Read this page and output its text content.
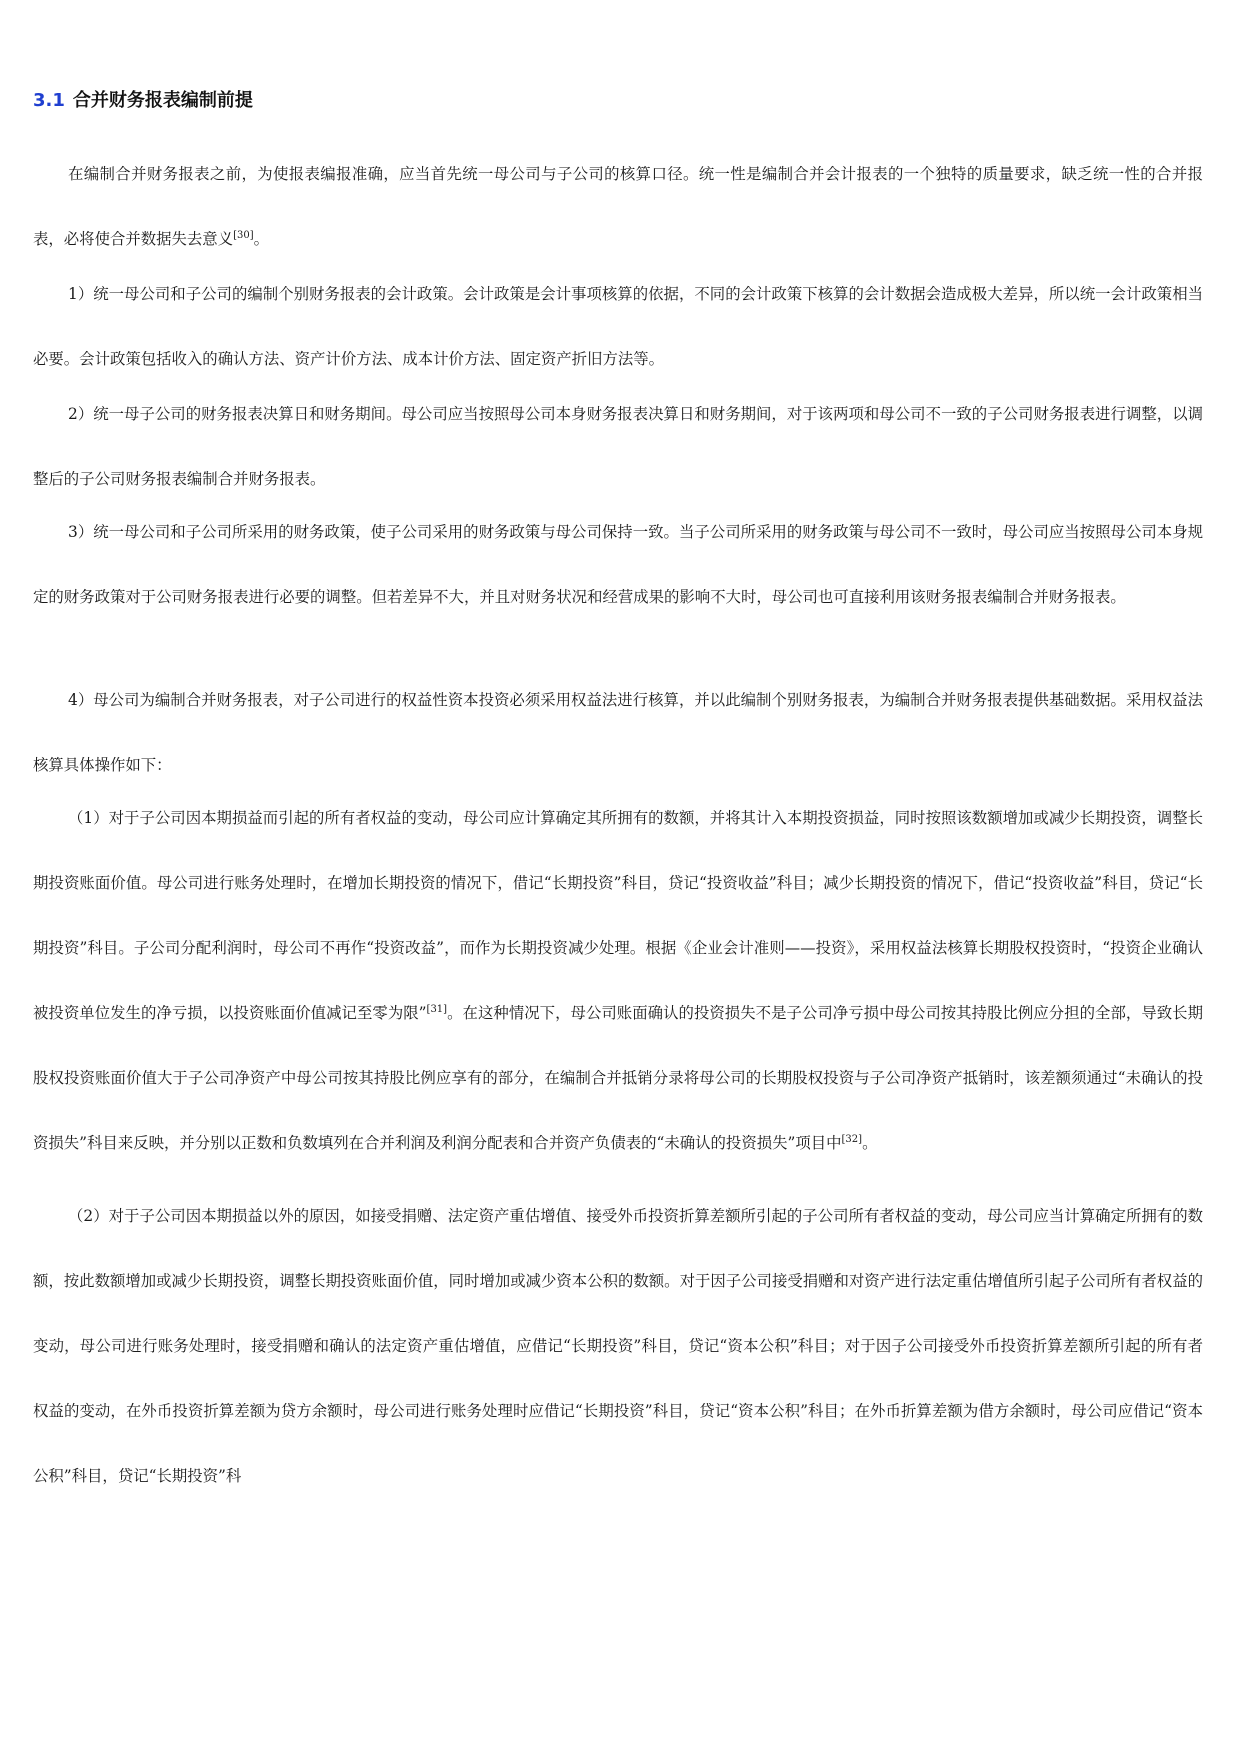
3.1 合并财务报表编制前提

在编制合并财务报表之前，为使报表编报准确，应当首先统一母公司与子公司的核算口径。统一性是编制合并会计报表的一个独特的质量要求，缺乏统一性的合并报表，必将使合并数据失去意义[30]。

1）统一母公司和子公司的编制个别财务报表的会计政策。会计政策是会计事项核算的依据，不同的会计政策下核算的会计数据会造成极大差异，所以统一会计政策相当必要。会计政策包括收入的确认方法、资产计价方法、成本计价方法、固定资产折旧方法等。

2）统一母子公司的财务报表决算日和财务期间。母公司应当按照母公司本身财务报表决算日和财务期间，对于该两项和母公司不一致的子公司财务报表进行调整，以调整后的子公司财务报表编制合并财务报表。

3）统一母公司和子公司所采用的财务政策，使子公司采用的财务政策与母公司保持一致。当子公司所采用的财务政策与母公司不一致时，母公司应当按照母公司本身规定的财务政策对于公司财务报表进行必要的调整。但若差异不大，并且对财务状况和经营成果的影响不大时，母公司也可直接利用该财务报表编制合并财务报表。

4）母公司为编制合并财务报表，对子公司进行的权益性资本投资必须采用权益法进行核算，并以此编制个别财务报表，为编制合并财务报表提供基础数据。采用权益法核算具体操作如下：

（1）对于子公司因本期损益而引起的所有者权益的变动，母公司应计算确定其所拥有的数额，并将其计入本期投资损益，同时按照该数额增加或减少长期投资，调整长期投资账面价值。母公司进行账务处理时，在增加长期投资的情况下，借记“长期投资”科目，贷记“投资收益”科目；减少长期投资的情况下，借记“投资收益”科目，贷记“长期投资”科目。子公司分配利润时，母公司不再作“投资改益”，而作为长期投资减少处理。根据《企业会计准则——投资》，采用权益法核算长期股权投资时，“投资企业确认被投资单位发生的净亏损，以投资账面价值减记至零为限”[31]。在这种情况下，母公司账面确认的投资损失不是子公司净亏损中母公司按其持股比例应分担的全部，导致长期股权投资账面价值大于子公司净资产中母公司按其持股比例应享有的部分，在编制合并抵销分录将母公司的长期股权投资与子公司净资产抵销时，该差额须通过“未确认的投资损失”科目来反映，并分别以正数和负数填列在合并利润及利润分配表和合并资产负债表的“未确认的投资损失”项目中[32]。

（2）对于子公司因本期损益以外的原因，如接受捐赠、法定资产重估增值、接受外币投资折算差额所引起的子公司所有者权益的变动，母公司应当计算确定所拥有的数额，按此数额增加或减少长期投资，调整长期投资账面价值，同时增加或减少资本公积的数额。对于因子公司接受捐赠和对资产进行法定重估增值所引起子公司所有者权益的变动，母公司进行账务处理时，接受捐赠和确认的法定资产重估增值，应借记“长期投资”科目，贷记“资本公积”科目；对于因子公司接受外币投资折算差额所引起的所有者权益的变动，在外币投资折算差额为贷方余额时，母公司进行账务处理时应借记“长期投资”科目，贷记“资本公积”科目；在外币折算差额为借方余额时，母公司应借记“资本公积”科目，贷记“长期投资”科
